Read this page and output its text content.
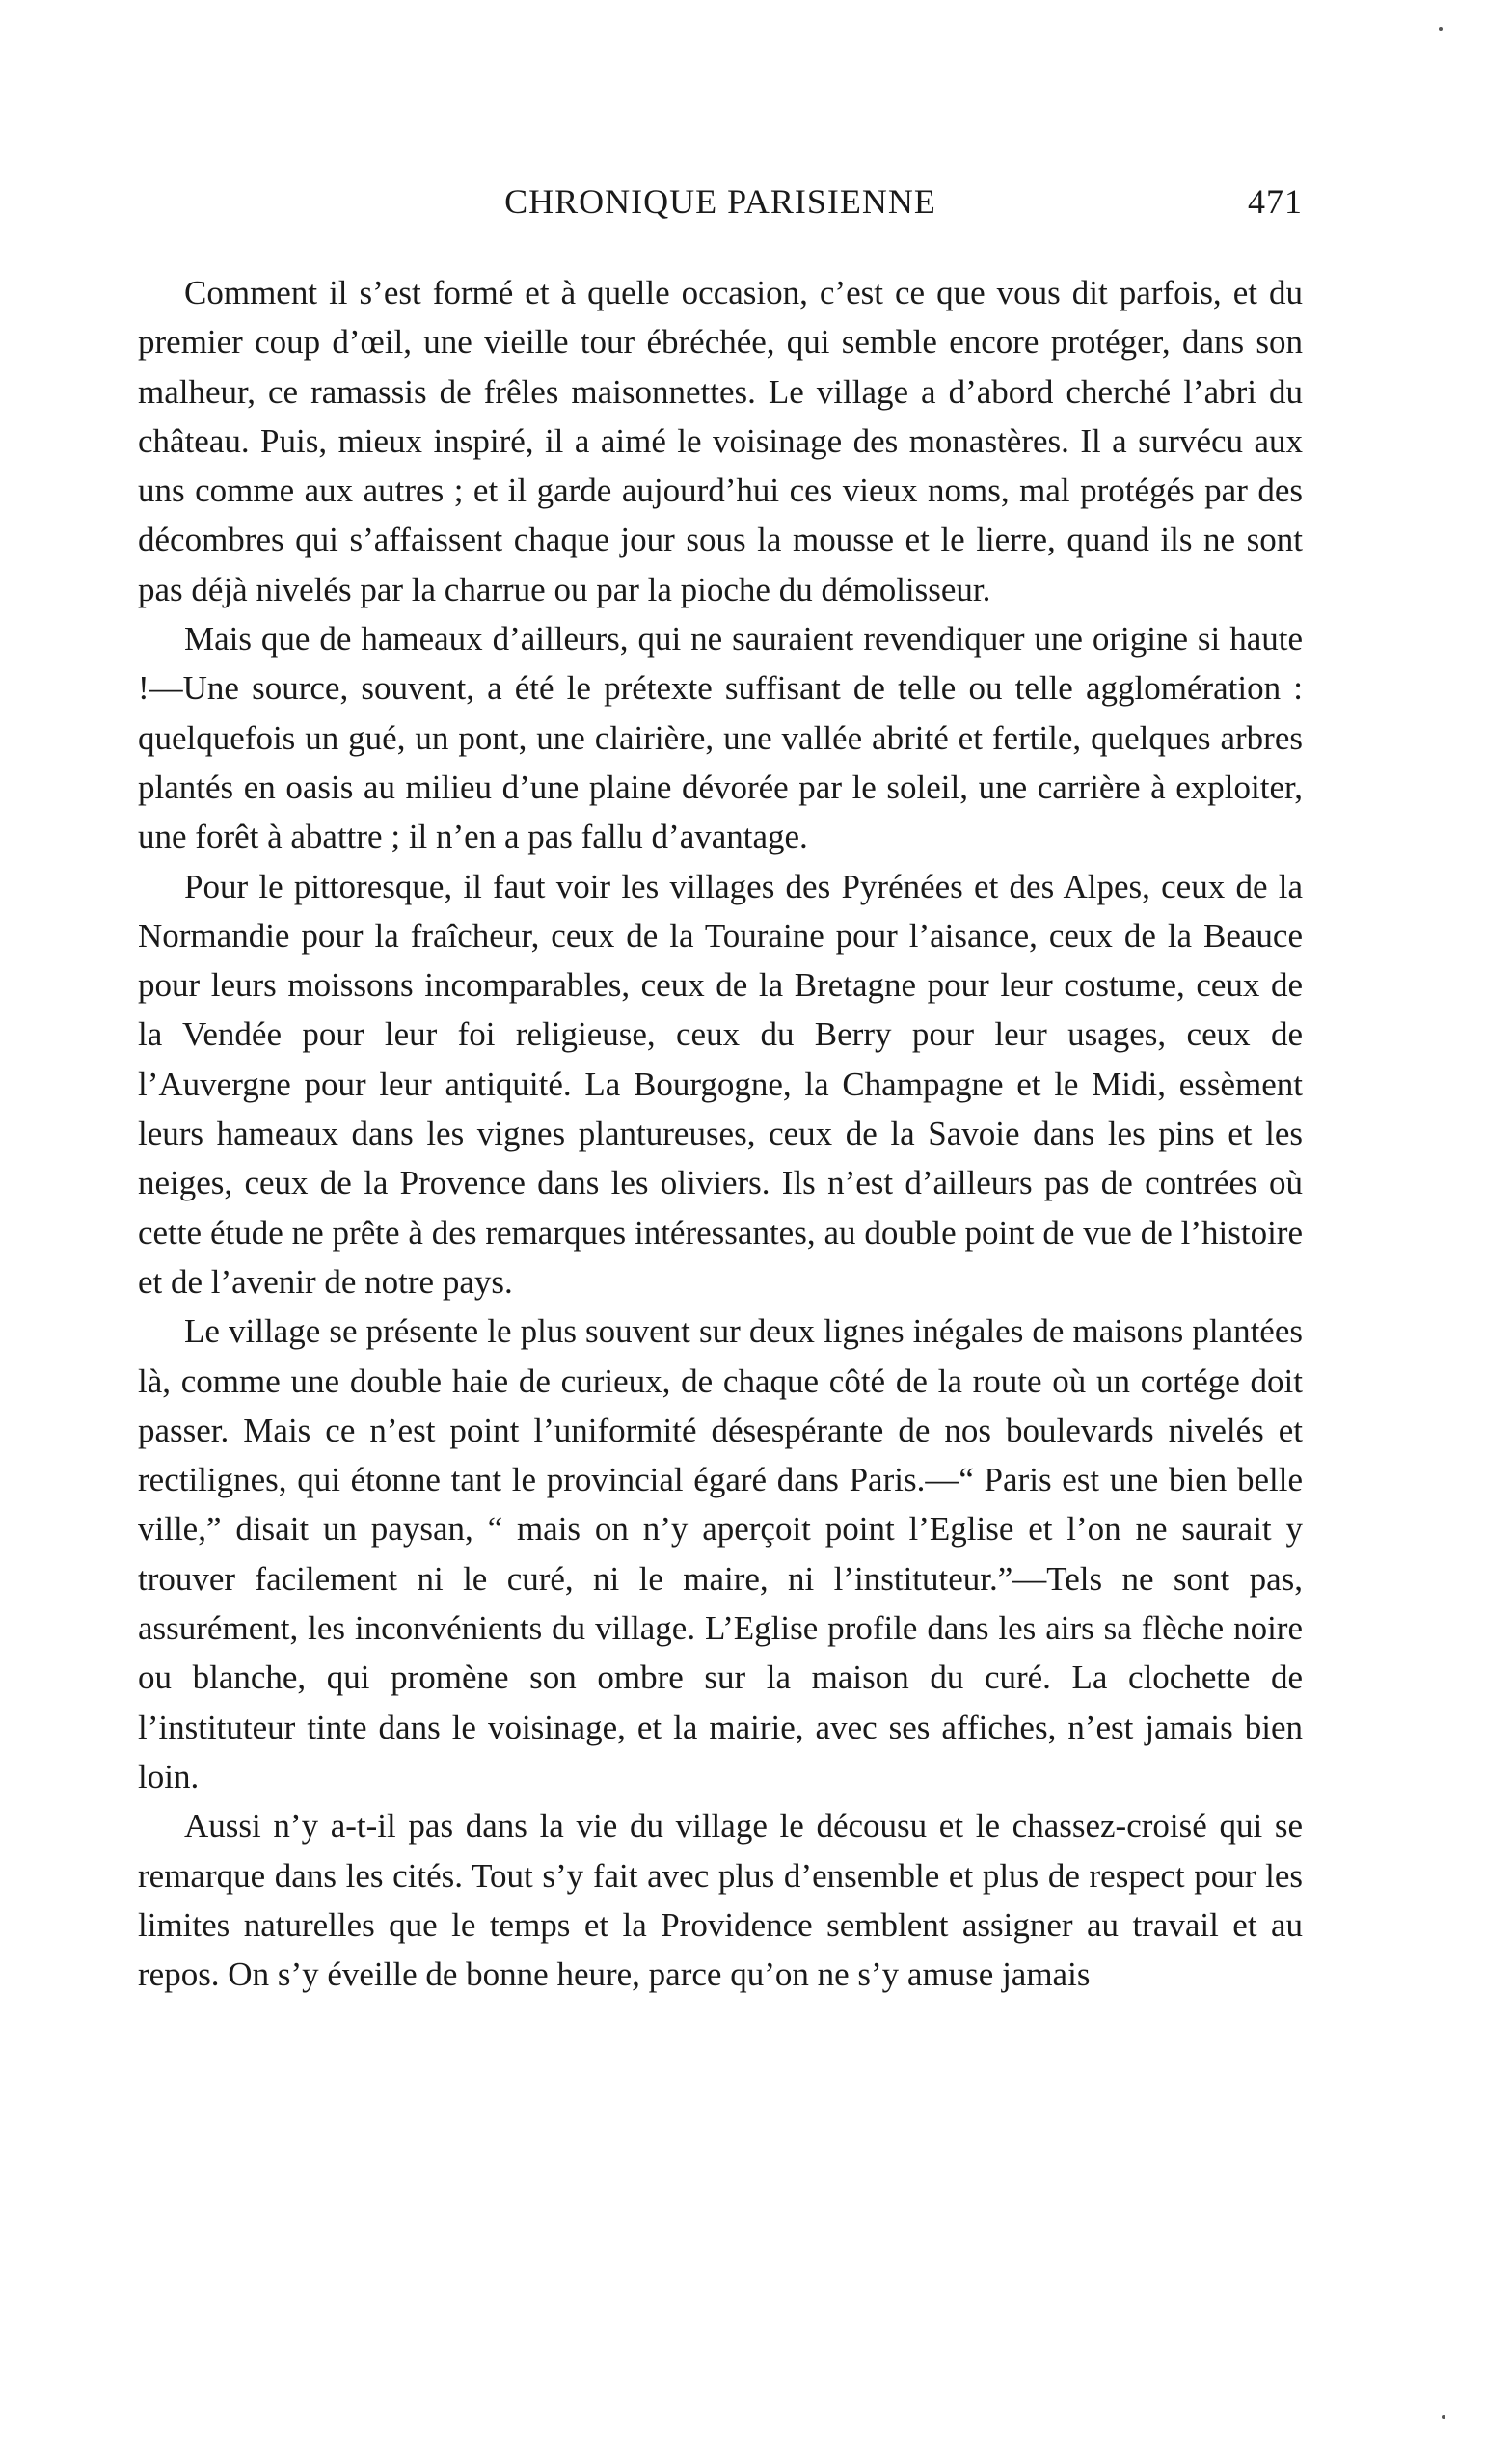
CHRONIQUE PARISIENNE	471

Comment il s’est formé et à quelle occasion, c’est ce que vous dit parfois, et du premier coup d’œil, une vieille tour ébréchée, qui semble encore protéger, dans son malheur, ce ramassis de frêles maisonnettes. Le village a d’abord cherché l’abri du château. Puis, mieux inspiré, il a aimé le voisinage des monastères. Il a survécu aux uns comme aux autres ; et il garde aujourd’hui ces vieux noms, mal protégés par des décombres qui s’affaissent chaque jour sous la mousse et le lierre, quand ils ne sont pas déjà nivelés par la charrue ou par la pioche du démolisseur.

Mais que de hameaux d’ailleurs, qui ne sauraient revendiquer une origine si haute !—Une source, souvent, a été le prétexte suffisant de telle ou telle agglomération : quelquefois un gué, un pont, une clairière, une vallée abrité et fertile, quelques arbres plantés en oasis au milieu d’une plaine dévorée par le soleil, une carrière à exploiter, une forêt à abattre ; il n’en a pas fallu d’avantage.

Pour le pittoresque, il faut voir les villages des Pyrénées et des Alpes, ceux de la Normandie pour la fraîcheur, ceux de la Touraine pour l’aisance, ceux de la Beauce pour leurs moissons incomparables, ceux de la Bretagne pour leur costume, ceux de la Vendée pour leur foi religieuse, ceux du Berry pour leur usages, ceux de l’Auvergne pour leur antiquité. La Bourgogne, la Champagne et le Midi, essèment leurs hameaux dans les vignes plantureuses, ceux de la Savoie dans les pins et les neiges, ceux de la Provence dans les oliviers. Ils n’est d’ailleurs pas de contrées où cette étude ne prête à des remarques intéressantes, au double point de vue de l’histoire et de l’avenir de notre pays.

Le village se présente le plus souvent sur deux lignes inégales de maisons plantées là, comme une double haie de curieux, de chaque côté de la route où un cortége doit passer. Mais ce n’est point l’uniformité désespérante de nos boulevards nivelés et rectilignes, qui étonne tant le provincial égaré dans Paris.—“ Paris est une bien belle ville,” disait un paysan, “ mais on n’y aperçoit point l’Eglise et l’on ne saurait y trouver facilement ni le curé, ni le maire, ni l’instituteur.”—Tels ne sont pas, assurément, les inconvénients du village. L’Eglise profile dans les airs sa flèche noire ou blanche, qui promène son ombre sur la maison du curé. La clochette de l’instituteur tinte dans le voisinage, et la mairie, avec ses affiches, n’est jamais bien loin.

Aussi n’y a-t-il pas dans la vie du village le décousu et le chassez-croisé qui se remarque dans les cités. Tout s’y fait avec plus d’ensemble et plus de respect pour les limites naturelles que le temps et la Providence semblent assigner au travail et au repos. On s’y éveille de bonne heure, parce qu’on ne s’y amuse jamais
